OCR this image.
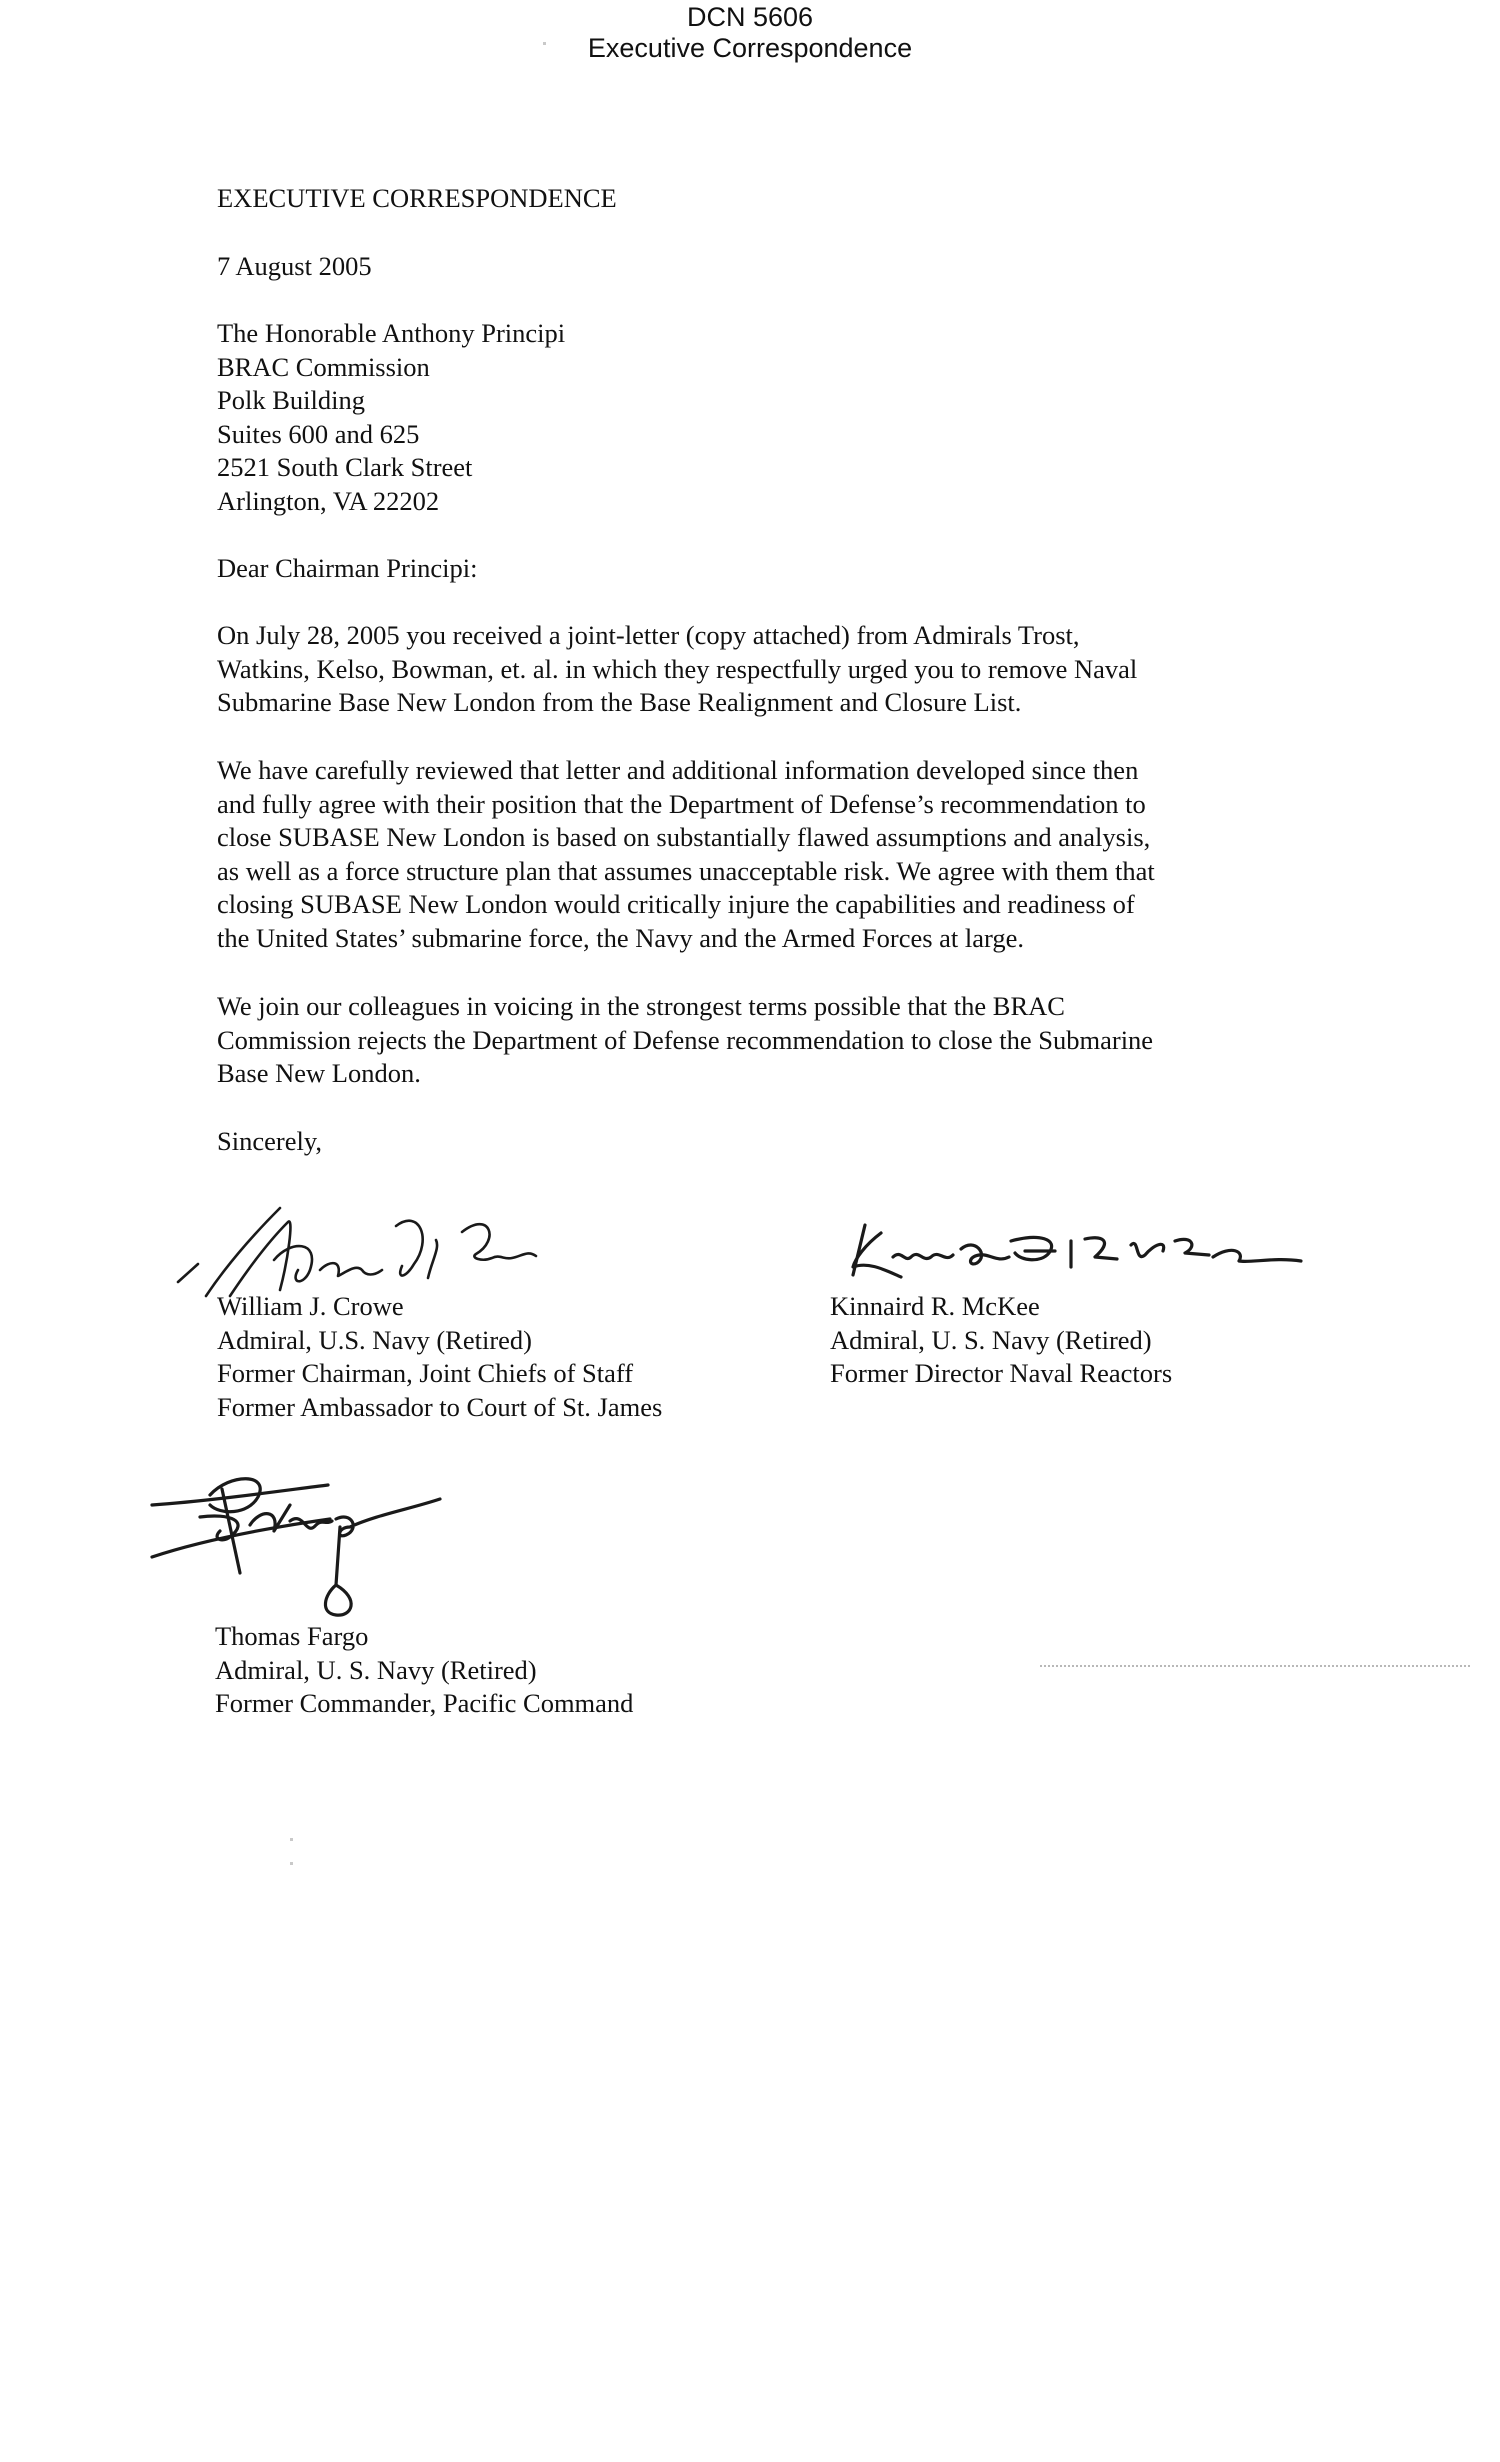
DCN 5606
Executive Correspondence
EXECUTIVE CORRESPONDENCE
7 August 2005
The Honorable Anthony Principi
BRAC Commission
Polk Building
Suites 600 and 625
2521 South Clark Street
Arlington, VA 22202
Dear Chairman Principi:
On July 28, 2005 you received a joint-letter (copy attached) from Admirals Trost,
Watkins, Kelso, Bowman, et. al. in which they respectfully urged you to remove Naval
Submarine Base New London from the Base Realignment and Closure List.
We have carefully reviewed that letter and additional information developed since then
and fully agree with their position that the Department of Defense’s recommendation to
close SUBASE New London is based on substantially flawed assumptions and analysis,
as well as a force structure plan that assumes unacceptable risk. We agree with them that
closing SUBASE New London would critically injure the capabilities and readiness of
the United States’ submarine force, the Navy and the Armed Forces at large.
We join our colleagues in voicing in the strongest terms possible that the BRAC
Commission rejects the Department of Defense recommendation to close the Submarine
Base New London.
Sincerely,
William J. Crowe
Admiral, U.S. Navy (Retired)
Former Chairman, Joint Chiefs of Staff
Former Ambassador to Court of St. James
Kinnaird R. McKee
Admiral, U. S. Navy (Retired)
Former Director Naval Reactors
Thomas Fargo
Admiral, U. S. Navy (Retired)
Former Commander, Pacific Command
